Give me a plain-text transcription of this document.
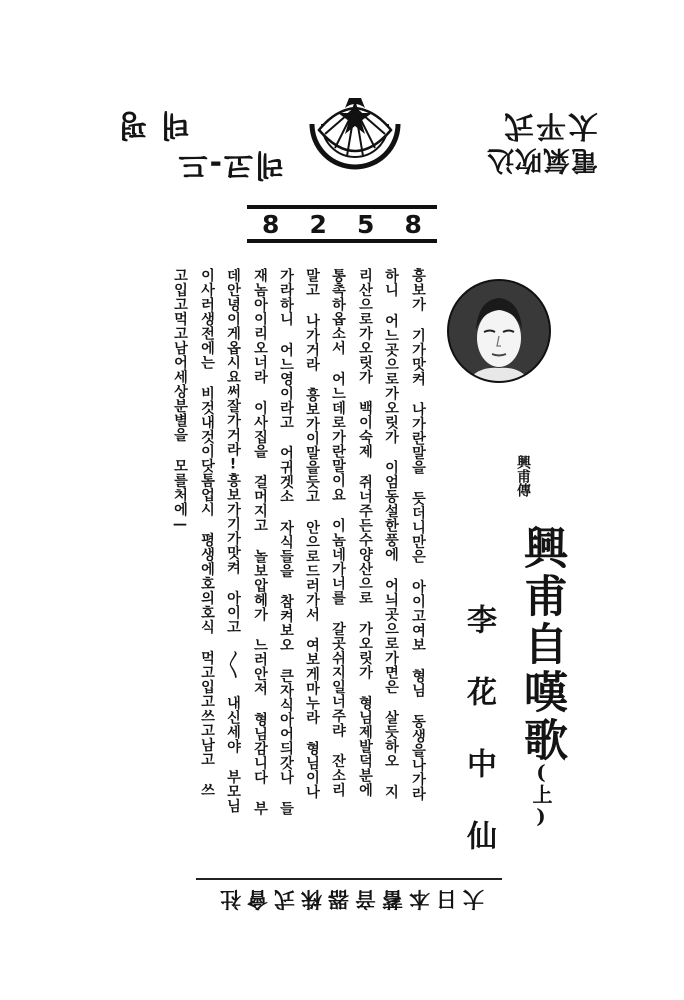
태평
레코-드
太平式
電氣吹込
8 2 5 8
興甫傳
興甫自嘆歌
(上)
李花中仙
흥보가 기가맛켜 나가란말을 듯더니만은 아이고여보 형님 동생을나가라
하니 어느곳으로가오릿가 이엄동설한풍에 어늬곳으로가면은 살듯하오 지
리산으로가오릿가 백이숙제 쥐너주든수양산으로 가오릿가 형님제발덕분에
통촉하옵소서 어느데로가란말이요 이놈네가너를 갈곳쉬지일너주랴 잔소리
말고 나가거라 흥보가이말을듯고 안으로드러가서 여보게마누라 형님이나
가라하니 어느영이라고 어귀겟소 자식들을 참켜보오 큰자식아어듸갓나 들
재놈아이리오너라 이사집을 걸머지고 놀보압헤가 느러안저 형님감니다 부
데안녕이게옵시요써잘가거라!흥보가기가맛켜 아이고 〳〵 내신세야 부모님
이사러생전에는 비것내것이닷톰업시 평생에호의호식 먹고입고쓰고남고 쓰
고입고먹고남어세상분별을 모를처에—
大日本蓄音器株式會社
